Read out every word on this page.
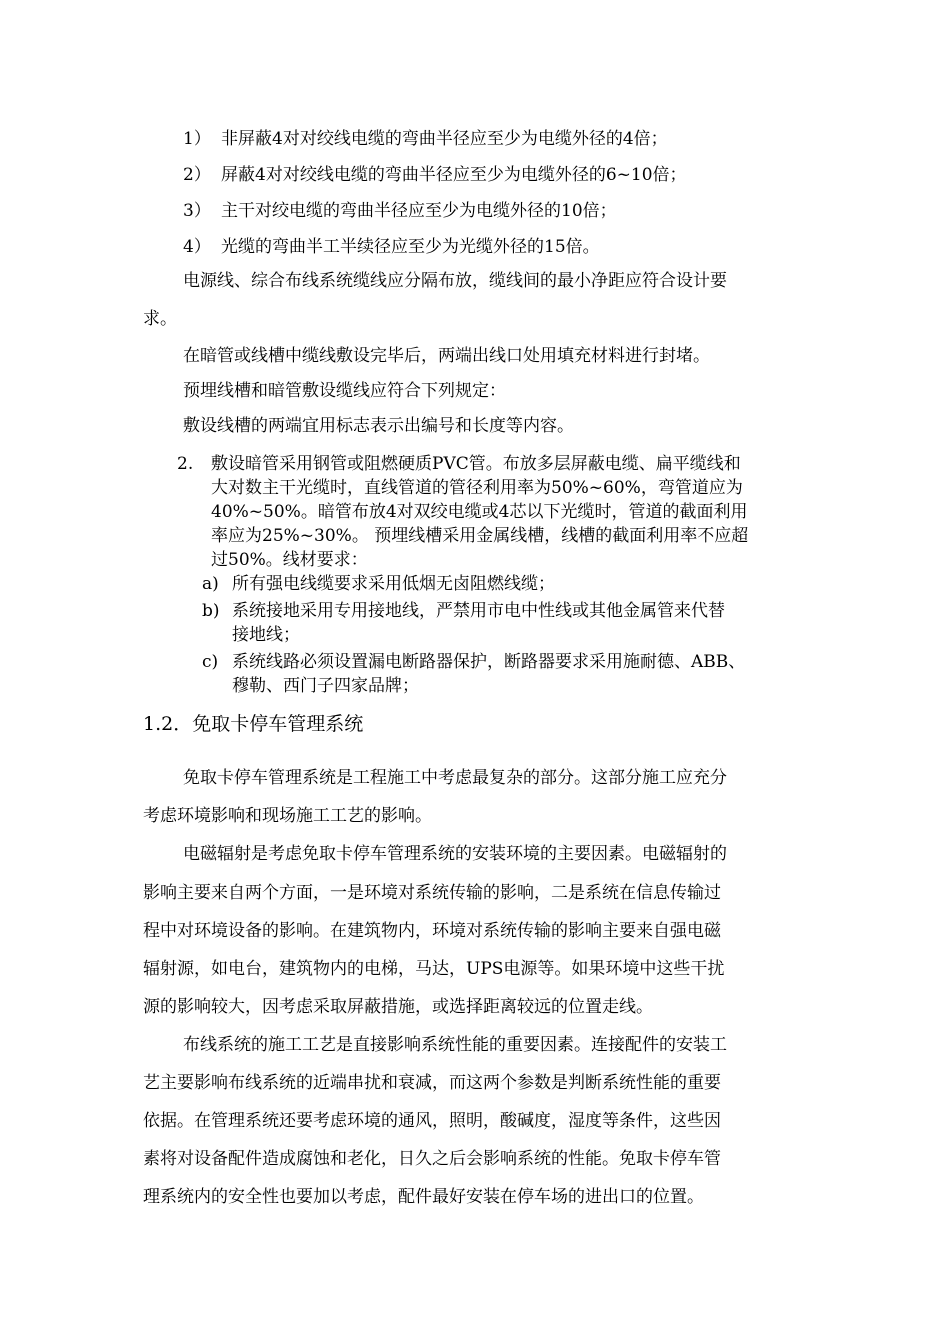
1） 非屏蔽4对对绞线电缆的弯曲半径应至少为电缆外径的4倍；
2） 屏蔽4对对绞线电缆的弯曲半径应至少为电缆外径的6~10倍；
3） 主干对绞电缆的弯曲半径应至少为电缆外径的10倍；
4） 光缆的弯曲半工半续径应至少为光缆外径的15倍。
电源线、综合布线系统缆线应分隔布放，缆线间的最小净距应符合设计要
求。
在暗管或线槽中缆线敷设完毕后，两端出线口处用填充材料进行封堵。
预埋线槽和暗管敷设缆线应符合下列规定：
敷设线槽的两端宜用标志表示出编号和长度等内容。
2. 敷设暗管采用钢管或阻燃硬质PVC管。布放多层屏蔽电缆、扁平缆线和
大对数主干光缆时，直线管道的管径利用率为50%~60%，弯管道应为
40%~50%。暗管布放4对双绞电缆或4芯以下光缆时，管道的截面利用
率应为25%~30%。 预埋线槽采用金属线槽，线槽的截面利用率不应超
过50%。线材要求：
a) 所有强电线缆要求采用低烟无卤阻燃线缆；
b) 系统接地采用专用接地线，严禁用市电中性线或其他金属管来代替
接地线；
c) 系统线路必须设置漏电断路器保护，断路器要求采用施耐德、ABB、
穆勒、西门子四家品牌；
1.2．免取卡停车管理系统
免取卡停车管理系统是工程施工中考虑最复杂的部分。这部分施工应充分
考虑环境影响和现场施工工艺的影响。
电磁辐射是考虑免取卡停车管理系统的安装环境的主要因素。电磁辐射的
影响主要来自两个方面，一是环境对系统传输的影响，二是系统在信息传输过
程中对环境设备的影响。在建筑物内，环境对系统传输的影响主要来自强电磁
辐射源，如电台，建筑物内的电梯，马达，UPS电源等。如果环境中这些干扰
源的影响较大，因考虑采取屏蔽措施，或选择距离较远的位置走线。
布线系统的施工工艺是直接影响系统性能的重要因素。连接配件的安装工
艺主要影响布线系统的近端串扰和衰减，而这两个参数是判断系统性能的重要
依据。在管理系统还要考虑环境的通风，照明，酸碱度，湿度等条件，这些因
素将对设备配件造成腐蚀和老化，日久之后会影响系统的性能。免取卡停车管
理系统内的安全性也要加以考虑，配件最好安装在停车场的进出口的位置。
